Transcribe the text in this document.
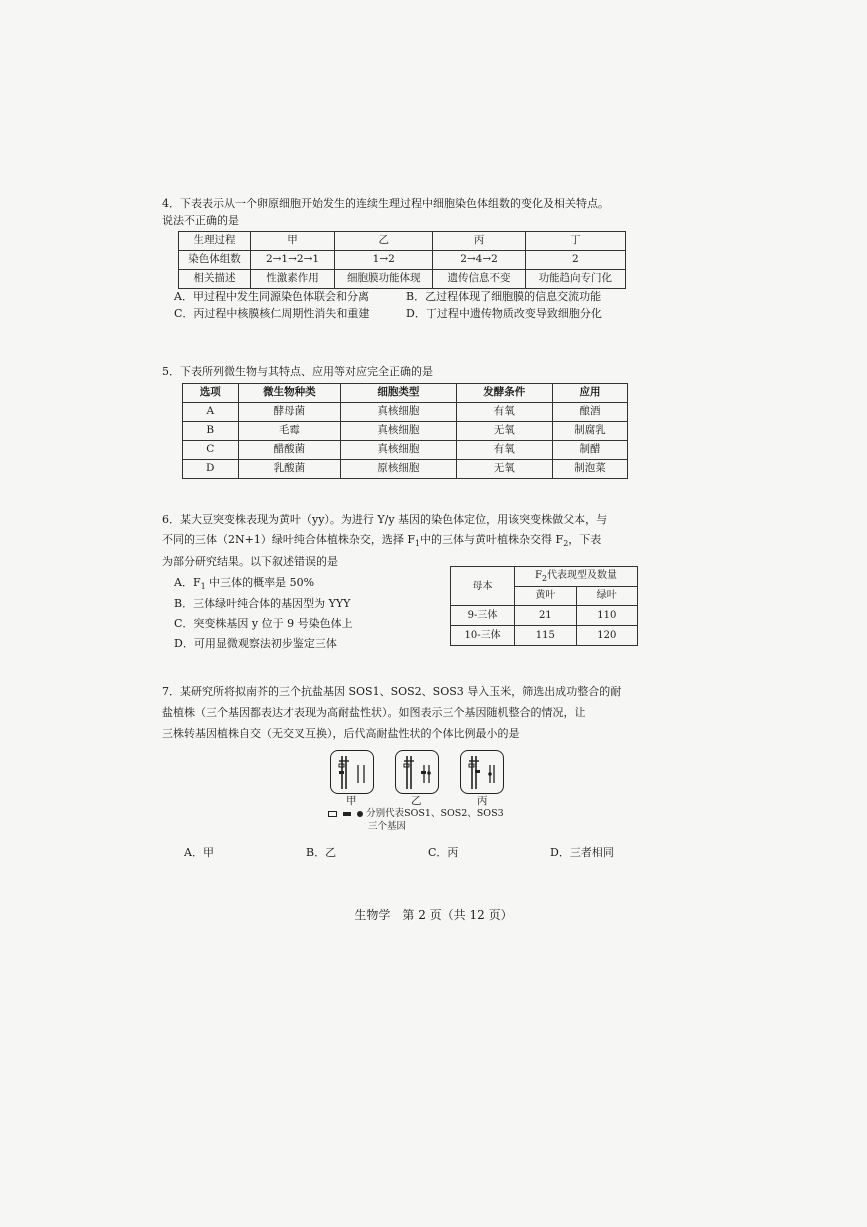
4．下表表示从一个卵原细胞开始发生的连续生理过程中细胞染色体组数的变化及相关特点。
说法不正确的是
生理过程	甲	乙	丙	丁
染色体组数	2→1→2→1	1→2	2→4→2	2
相关描述	性激素作用	细胞膜功能体现	遗传信息不变	功能趋向专门化
A．甲过程中发生同源染色体联会和分离	B．乙过程体现了细胞膜的信息交流功能
C．丙过程中核膜核仁周期性消失和重建	D．丁过程中遗传物质改变导致细胞分化
5．下表所列微生物与其特点、应用等对应完全正确的是
选项	微生物种类	细胞类型	发酵条件	应用
A	酵母菌	真核细胞	有氧	酿酒
B	毛霉	真核细胞	无氧	制腐乳
C	醋酸菌	真核细胞	有氧	制醋
D	乳酸菌	原核细胞	无氧	制泡菜
6．某大豆突变株表现为黄叶（yy）。为进行 Y/y 基因的染色体定位，用该突变株做父本，与
不同的三体（2N+1）绿叶纯合体植株杂交，选择 $F_1$中的三体与黄叶植株杂交得 $F_2$，下表
为部分研究结果。以下叙述错误的是
A．$F_1$ 中三体的概率是 50%
B．三体绿叶纯合体的基因型为 YYY
C．突变株基因 y 位于 9 号染色体上
D．可用显微观察法初步鉴定三体
母本	$F_2$代表现型及数量	
	黄叶	绿叶
9-三体	21	110
10-三体	115	120
7．某研究所将拟南芥的三个抗盐基因 SOS1、SOS2、SOS3 导入玉米，筛选出成功整合的耐
盐植株（三个基因都表达才表现为高耐盐性状）。如图表示三个基因随机整合的情况，让
三株转基因植株自交（无交叉互换），后代高耐盐性状的个体比例最小的是
甲	乙	丙
分别代表SOS1、SOS2、SOS3
三个基因
A．甲	B．乙	C．丙	D．三者相同
生物学　第 2 页（共 12 页）
